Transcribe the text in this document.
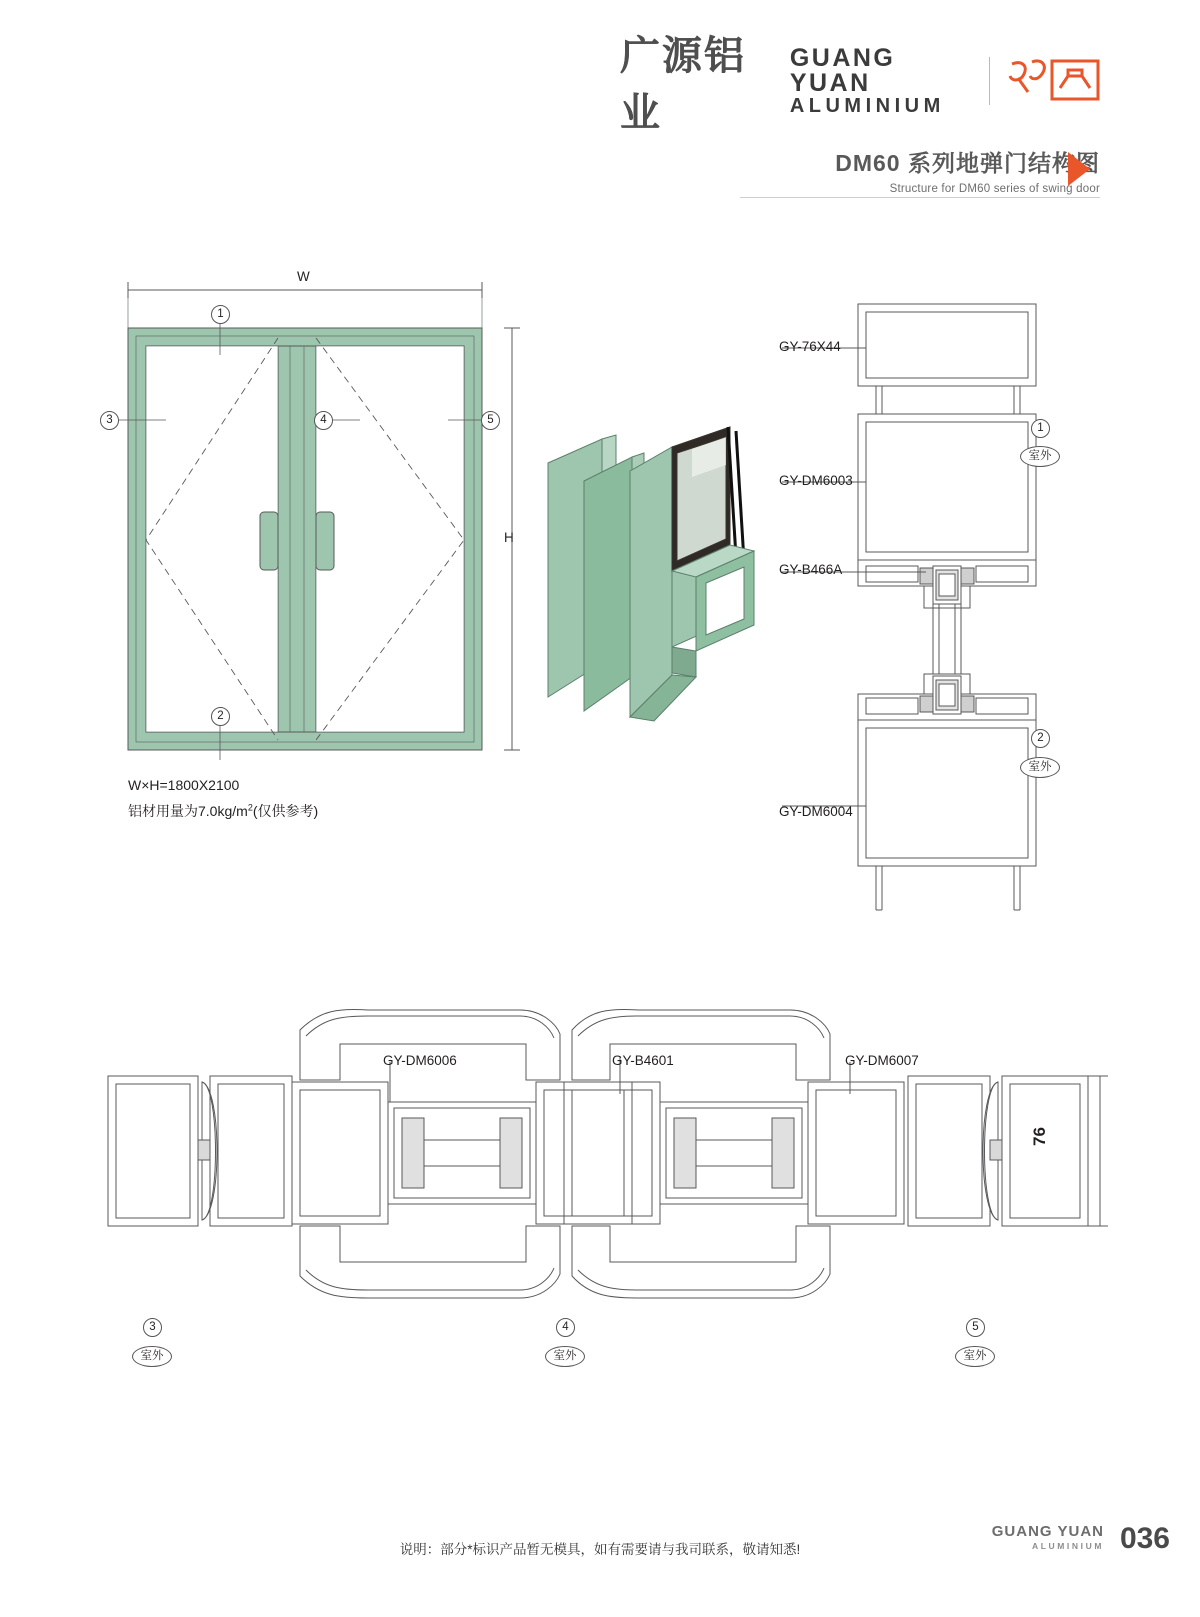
广源铝业
GUANG YUAN
ALUMINIUM
DM60 系列地弹门结构图
Structure for DM60 series of swing door
W
H
1
2
3	4	5
W×H=1800X2100
铝材用量为$7.0kg/m^2$(仅供参考)
GY-76X44
GY-DM6003
GY-B466A
GY-DM6004
1
室外
2
室外
GY-DM6006	GY-B4601	GY-DM6007
76
3
室外
4
室外
5
室外
说明：部分*标识产品暂无模具，如有需要请与我司联系，敬请知悉!
GUANG YUAN
ALUMINIUM 036
